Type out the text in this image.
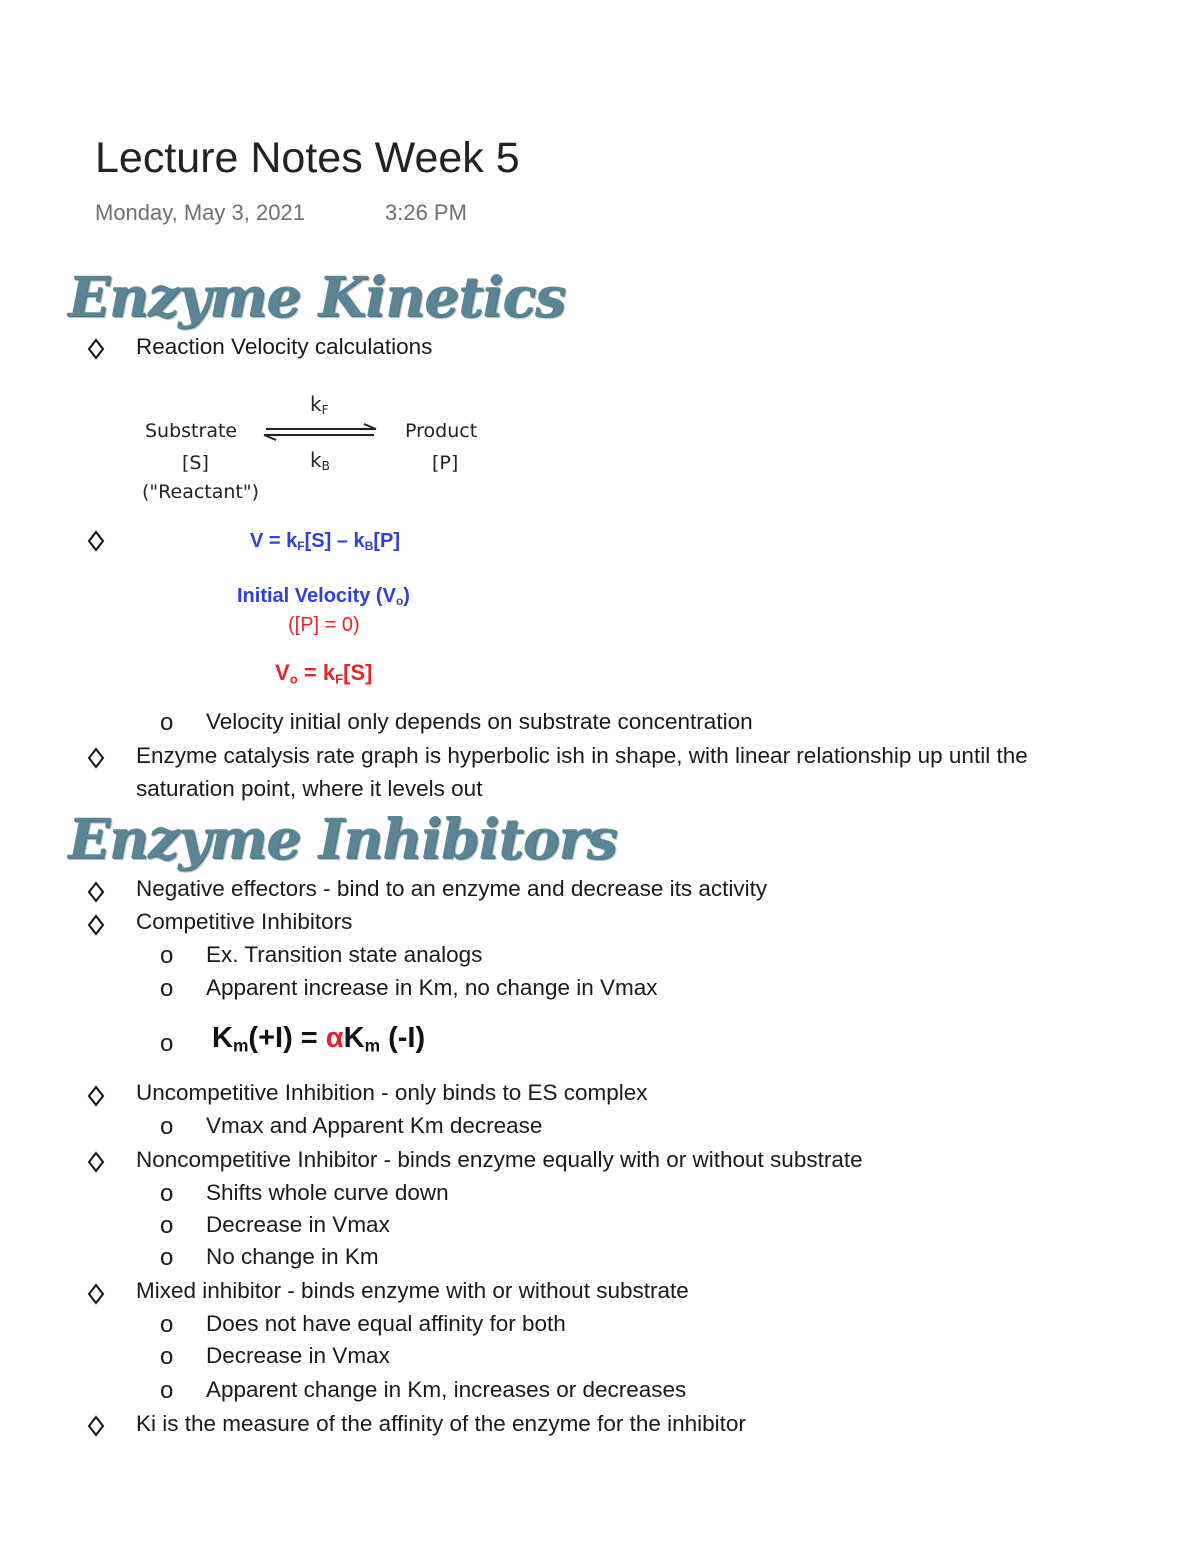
Lecture Notes Week 5
Monday, May 3, 2021	3:26 PM
Enzyme Kinetics
Reaction Velocity calculations
Substrate
[S]
("Reactant")
Product
[P]
$k_F$
$k_B$
$V = k_F[S] - k_B[P]$
Initial Velocity $(V_o)$
([P] = 0)
$V_o = k_F[S]$
o Velocity initial only depends on substrate concentration
Enzyme catalysis rate graph is hyperbolic ish in shape, with linear relationship up until the
saturation point, where it levels out
Enzyme Inhibitors
Negative effectors - bind to an enzyme and decrease its activity
Competitive Inhibitors
o Ex. Transition state analogs
o Apparent increase in Km, no change in Vmax
o $K_m(+I) = \alpha K_m$ (-I)
Uncompetitive Inhibition - only binds to ES complex
o Vmax and Apparent Km decrease
Noncompetitive Inhibitor - binds enzyme equally with or without substrate
o Shifts whole curve down
o Decrease in Vmax
o No change in Km
Mixed inhibitor - binds enzyme with or without substrate
o Does not have equal affinity for both
o Decrease in Vmax
o Apparent change in Km, increases or decreases
Ki is the measure of the affinity of the enzyme for the inhibitor
